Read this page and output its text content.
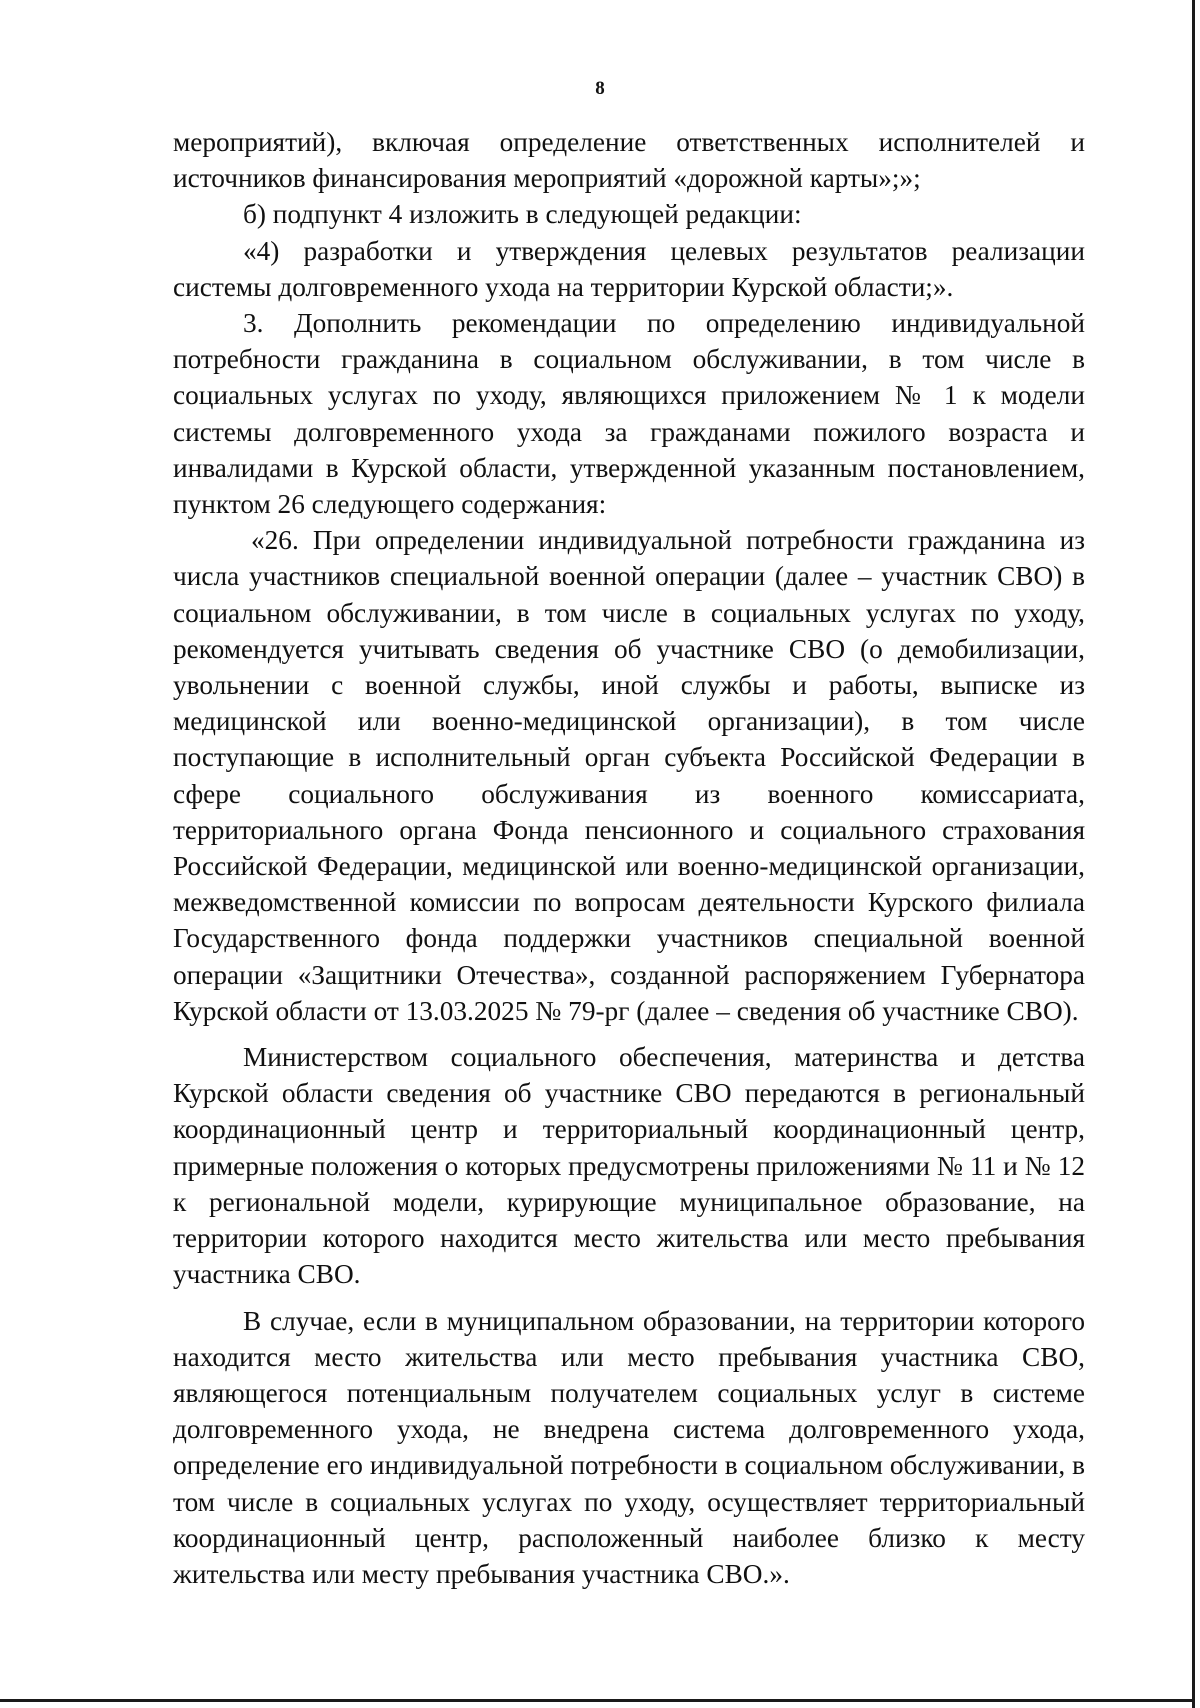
8

мероприятий), включая определение ответственных исполнителей и источников финансирования мероприятий «дорожной карты»;»;

б) подпункт 4 изложить в следующей редакции:

«4) разработки и утверждения целевых результатов реализации системы долговременного ухода на территории Курской области;».

3. Дополнить рекомендации по определению индивидуальной потребности гражданина в социальном обслуживании, в том числе в социальных услугах по уходу, являющихся приложением № 1 к модели системы долговременного ухода за гражданами пожилого возраста и инвалидами в Курской области, утвержденной указанным постановлением, пунктом 26 следующего содержания:

«26. При определении индивидуальной потребности гражданина из числа участников специальной военной операции (далее – участник СВО) в социальном обслуживании, в том числе в социальных услугах по уходу, рекомендуется учитывать сведения об участнике СВО (о демобилизации, увольнении с военной службы, иной службы и работы, выписке из медицинской или военно-медицинской организации), в том числе поступающие в исполнительный орган субъекта Российской Федерации в сфере социального обслуживания из военного комиссариата, территориального органа Фонда пенсионного и социального страхования Российской Федерации, медицинской или военно-медицинской организации, межведомственной комиссии по вопросам деятельности Курского филиала Государственного фонда поддержки участников специальной военной операции «Защитники Отечества», созданной распоряжением Губернатора Курской области от 13.03.2025 № 79-рг (далее – сведения об участнике СВО).

Министерством социального обеспечения, материнства и детства Курской области сведения об участнике СВО передаются в региональный координационный центр и территориальный координационный центр, примерные положения о которых предусмотрены приложениями № 11 и № 12 к региональной модели, курирующие муниципальное образование, на территории которого находится место жительства или место пребывания участника СВО.

В случае, если в муниципальном образовании, на территории которого находится место жительства или место пребывания участника СВО, являющегося потенциальным получателем социальных услуг в системе долговременного ухода, не внедрена система долговременного ухода, определение его индивидуальной потребности в социальном обслуживании, в том числе в социальных услугах по уходу, осуществляет территориальный координационный центр, расположенный наиболее близко к месту жительства или месту пребывания участника СВО.».
